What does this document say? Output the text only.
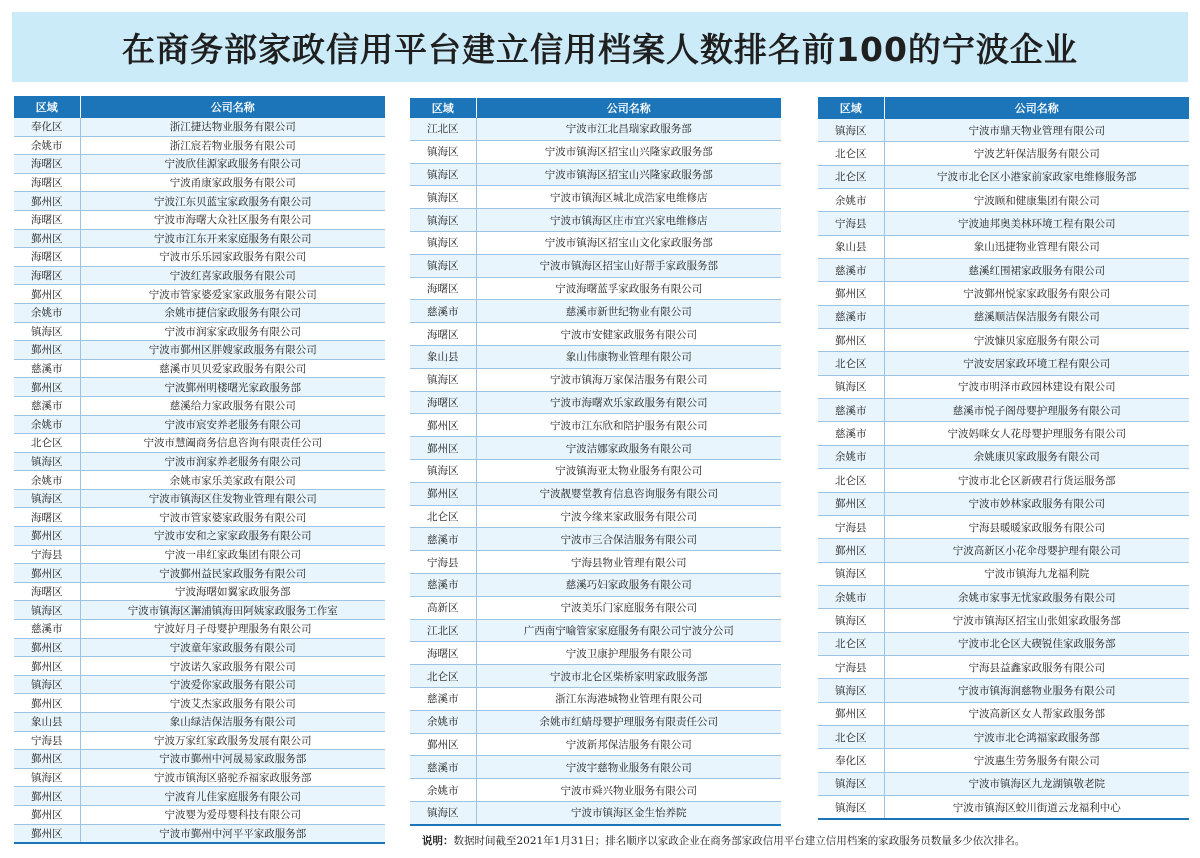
在商务部家政信用平台建立信用档案人数排名前100的宁波企业
区域	公司名称
奉化区	浙江捷达物业服务有限公司
余姚市	浙江宸若物业服务有限公司
海曙区	宁波欣佳源家政服务有限公司
海曙区	宁波甬康家政服务有限公司
鄞州区	宁波江东贝蓝宝家政服务有限公司
海曙区	宁波市海曙大众社区服务有限公司
鄞州区	宁波市江东开来家庭服务有限公司
海曙区	宁波市乐乐园家政服务有限公司
海曙区	宁波红喜家政服务有限公司
鄞州区	宁波市管家婆爱家家政服务有限公司
余姚市	余姚市捷信家政服务有限公司
镇海区	宁波市润家家政服务有限公司
鄞州区	宁波市鄞州区胖嫂家政服务有限公司
慈溪市	慈溪市贝贝爱家政服务有限公司
鄞州区	宁波鄞州明楼曙光家政服务部
慈溪市	慈溪给力家政服务有限公司
余姚市	宁波市宸安养老服务有限公司
北仑区	宁波市慧阖商务信息咨询有限责任公司
镇海区	宁波市润家养老服务有限公司
余姚市	余姚市家乐美家政有限公司
镇海区	宁波市镇海区住发物业管理有限公司
海曙区	宁波市管家婆家政服务有限公司
鄞州区	宁波市安和之家家政服务有限公司
宁海县	宁波一串红家政集团有限公司
鄞州区	宁波鄞州益民家政服务有限公司
海曙区	宁波海曙如翼家政服务部
镇海区	宁波市镇海区澥浦镇海田阿姨家政服务工作室
慈溪市	宁波好月子母婴护理服务有限公司
鄞州区	宁波童年家政服务有限公司
鄞州区	宁波诺久家政服务有限公司
镇海区	宁波爱你家政服务有限公司
鄞州区	宁波艾杰家政服务有限公司
象山县	象山绿洁保洁服务有限公司
宁海县	宁波万家红家政服务发展有限公司
鄞州区	宁波市鄞州中河晟易家政服务部
镇海区	宁波市镇海区骆驼乔福家政服务部
鄞州区	宁波育儿佳家庭服务有限公司
鄞州区	宁波婴为爱母婴科技有限公司
鄞州区	宁波市鄞州中河平平家政服务部
区域	公司名称
江北区	宁波市江北昌瑞家政服务部
镇海区	宁波市镇海区招宝山兴隆家政服务部
镇海区	宁波市镇海区招宝山兴隆家政服务部
镇海区	宁波市镇海区城北成浩家电维修店
镇海区	宁波市镇海区庄市宜兴家电维修店
镇海区	宁波市镇海区招宝山文化家政服务部
镇海区	宁波市镇海区招宝山好帮手家政服务部
海曙区	宁波海曙蓝孚家政服务有限公司
慈溪市	慈溪市新世纪物业有限公司
海曙区	宁波市安健家政服务有限公司
象山县	象山伟康物业管理有限公司
镇海区	宁波市镇海万家保洁服务有限公司
海曙区	宁波市海曙欢乐家政服务有限公司
鄞州区	宁波市江东欣和陪护服务有限公司
鄞州区	宁波洁娜家政服务有限公司
镇海区	宁波镇海亚太物业服务有限公司
鄞州区	宁波靓婴堂教育信息咨询服务有限公司
北仑区	宁波今缘来家政服务有限公司
慈溪市	宁波市三合保洁服务有限公司
宁海县	宁海县物业管理有限公司
慈溪市	慈溪巧妇家政服务有限公司
高新区	宁波美乐门家庭服务有限公司
江北区	广西南宁喻管家家庭服务有限公司宁波分公司
海曙区	宁波卫康护理服务有限公司
北仑区	宁波市北仑区柴桥家明家政服务部
慈溪市	浙江东海港城物业管理有限公司
余姚市	余姚市红蜻母婴护理服务有限责任公司
鄞州区	宁波新邦保洁服务有限公司
慈溪市	宁波宇慈物业服务有限公司
余姚市	宁波市舜兴物业服务有限公司
镇海区	宁波市镇海区金生怡养院
区域	公司名称
镇海区	宁波市鼎天物业管理有限公司
北仑区	宁波艺轩保洁服务有限公司
北仑区	宁波市北仑区小港家前家政家电维修服务部
余姚市	宁波顾和健康集团有限公司
宁海县	宁波迪邦奥美林环境工程有限公司
象山县	象山迅捷物业管理有限公司
慈溪市	慈溪红围裙家政服务有限公司
鄞州区	宁波鄞州悦家家政服务有限公司
慈溪市	慈溪顺洁保洁服务有限公司
鄞州区	宁波慷贝家庭服务有限公司
北仑区	宁波安居家政环境工程有限公司
镇海区	宁波市明泽市政园林建设有限公司
慈溪市	慈溪市悦子阁母婴护理服务有限公司
慈溪市	宁波妈咪女人花母婴护理服务有限公司
余姚市	余姚康贝家政服务有限公司
北仑区	宁波市北仑区新碶君行货运服务部
鄞州区	宁波市妙林家政服务有限公司
宁海县	宁海县暖暖家政服务有限公司
鄞州区	宁波高新区小花伞母婴护理有限公司
镇海区	宁波市镇海九龙福利院
余姚市	余姚市家事无忧家政服务有限公司
镇海区	宁波市镇海区招宝山张姐家政服务部
北仑区	宁波市北仑区大碶锐佳家政服务部
宁海县	宁海县益鑫家政服务有限公司
镇海区	宁波市镇海润慈物业服务有限公司
鄞州区	宁波高新区女人帮家政服务部
北仑区	宁波市北仑鸿福家政服务部
奉化区	宁波惠生劳务服务有限公司
镇海区	宁波市镇海区九龙湖镇敬老院
镇海区	宁波市镇海区蛟川街道云龙福利中心
说明：数据时间截至2021年1月31日；排名顺序以家政企业在商务部家政信用平台建立信用档案的家政服务员数量多少依次排名。
